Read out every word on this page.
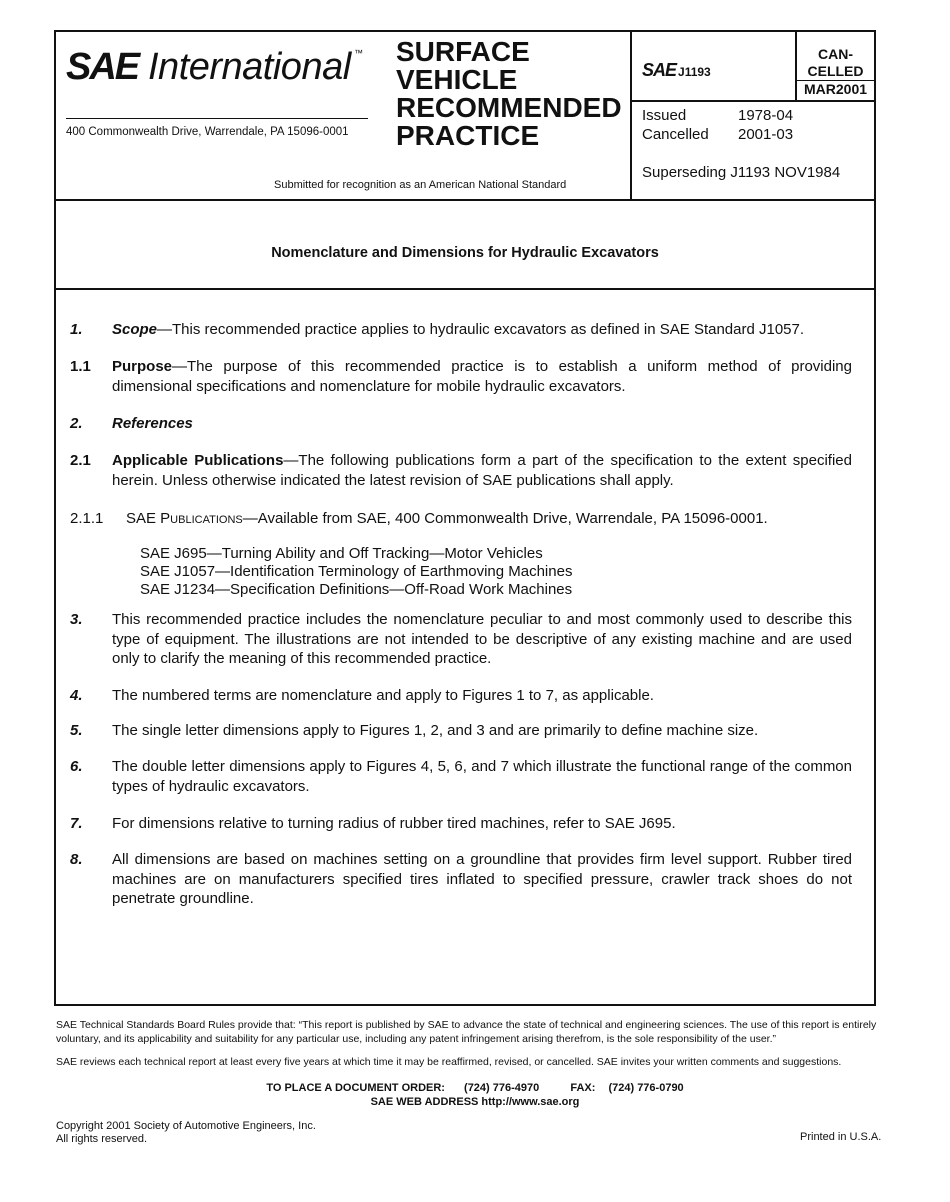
SAE International ™
400 Commonwealth Drive, Warrendale, PA 15096-0001
SURFACE
VEHICLE
RECOMMENDED
PRACTICE
Submitted for recognition as an American National Standard
SAE J1193
CAN-
CELLED
MAR2001
Issued	1978-04
Cancelled	2001-03
Superseding J1193 NOV1984
Nomenclature and Dimensions for Hydraulic Excavators
1. Scope—This recommended practice applies to hydraulic excavators as defined in SAE Standard J1057.
1.1 Purpose—The purpose of this recommended practice is to establish a uniform method of providing dimensional specifications and nomenclature for mobile hydraulic excavators.
2. References
2.1 Applicable Publications—The following publications form a part of the specification to the extent specified herein. Unless otherwise indicated the latest revision of SAE publications shall apply.
2.1.1 SAE Publications—Available from SAE, 400 Commonwealth Drive, Warrendale, PA 15096-0001.
SAE J695—Turning Ability and Off Tracking—Motor Vehicles
SAE J1057—Identification Terminology of Earthmoving Machines
SAE J1234—Specification Definitions—Off-Road Work Machines
3. This recommended practice includes the nomenclature peculiar to and most commonly used to describe this type of equipment. The illustrations are not intended to be descriptive of any existing machine and are used only to clarify the meaning of this recommended practice.
4. The numbered terms are nomenclature and apply to Figures 1 to 7, as applicable.
5. The single letter dimensions apply to Figures 1, 2, and 3 and are primarily to define machine size.
6. The double letter dimensions apply to Figures 4, 5, 6, and 7 which illustrate the functional range of the common types of hydraulic excavators.
7. For dimensions relative to turning radius of rubber tired machines, refer to SAE J695.
8. All dimensions are based on machines setting on a groundline that provides firm level support. Rubber tired machines are on manufacturers specified tires inflated to specified pressure, crawler track shoes do not penetrate groundline.
SAE Technical Standards Board Rules provide that: “This report is published by SAE to advance the state of technical and engineering sciences. The use of this report is entirely voluntary, and its applicability and suitability for any particular use, including any patent infringement arising therefrom, is the sole responsibility of the user.”
SAE reviews each technical report at least every five years at which time it may be reaffirmed, revised, or cancelled. SAE invites your written comments and suggestions.
TO PLACE A DOCUMENT ORDER: (724) 776-4970	FAX: (724) 776-0790
SAE WEB ADDRESS http://www.sae.org
Copyright 2001 Society of Automotive Engineers, Inc.
All rights reserved.	Printed in U.S.A.
